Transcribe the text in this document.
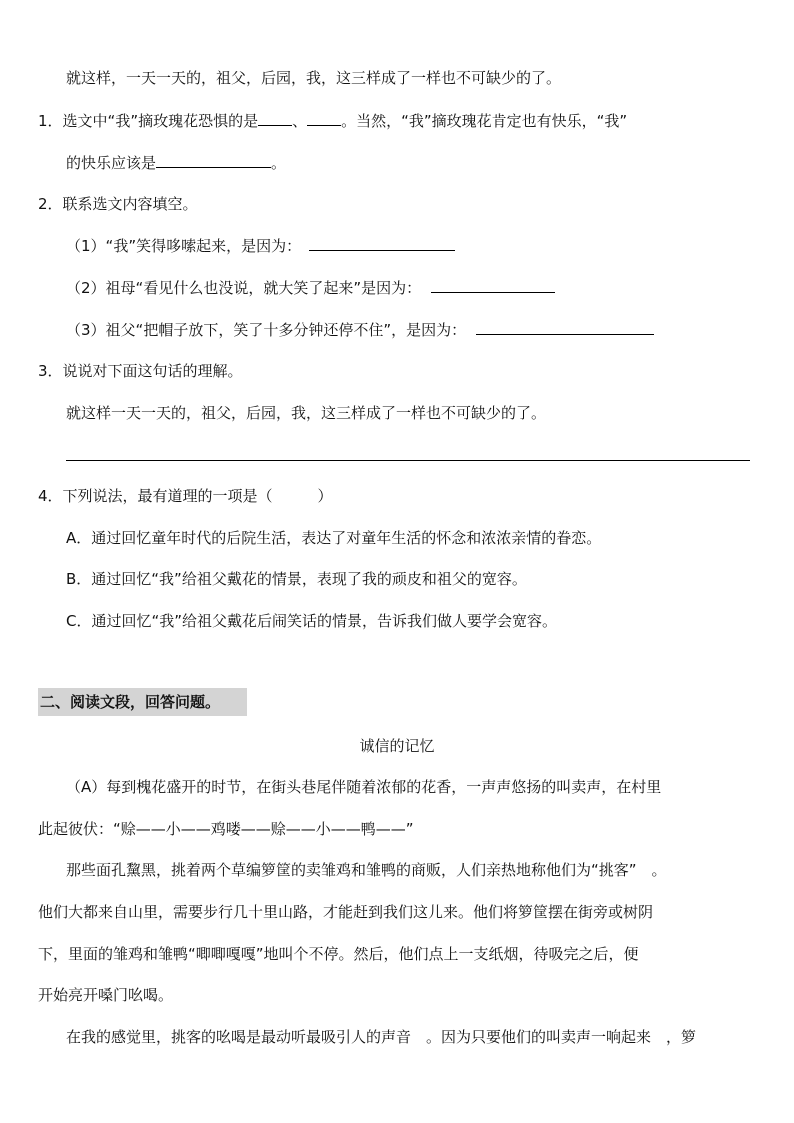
就这样，一天一天的，祖父，后园，我，这三样成了一样也不可缺少的了。
1．选文中“我”摘玫瑰花恐惧的是 、 。当然，“我”摘玫瑰花肯定也有快乐，“我”
的快乐应该是	。
2．联系选文内容填空。
（1）“我”笑得哆嗦起来，是因为：
（2）祖母“看见什么也没说，就大笑了起来”是因为：
（3）祖父“把帽子放下，笑了十多分钟还停不住”，是因为：
3．说说对下面这句话的理解。
就这样一天一天的，祖父，后园，我，这三样成了一样也不可缺少的了。
4．下列说法，最有道理的一项是（　　　）
A．通过回忆童年时代的后院生活，表达了对童年生活的怀念和浓浓亲情的眷恋。
B．通过回忆“我”给祖父戴花的情景，表现了我的顽皮和祖父的宽容。
C．通过回忆“我”给祖父戴花后闹笑话的情景，告诉我们做人要学会宽容。
二、阅读文段，回答问题。
诚信的记忆
（A）每到槐花盛开的时节，在街头巷尾伴随着浓郁的花香，一声声悠扬的叫卖声，在村里
此起彼伏：“赊——小——鸡喽——赊——小——鸭——”
那些面孔黧黑，挑着两个草编箩筐的卖雏鸡和雏鸭的商贩，人们亲热地称他们为“挑客”　。
他们大都来自山里，需要步行几十里山路，才能赶到我们这儿来。他们将箩筐摆在街旁或树阴
下，里面的雏鸡和雏鸭“唧唧嘎嘎”地叫个不停。然后，他们点上一支纸烟，待吸完之后，便
开始亮开嗓门吆喝。
在我的感觉里，挑客的吆喝是最动听最吸引人的声音　。因为只要他们的叫卖声一响起来　，箩
